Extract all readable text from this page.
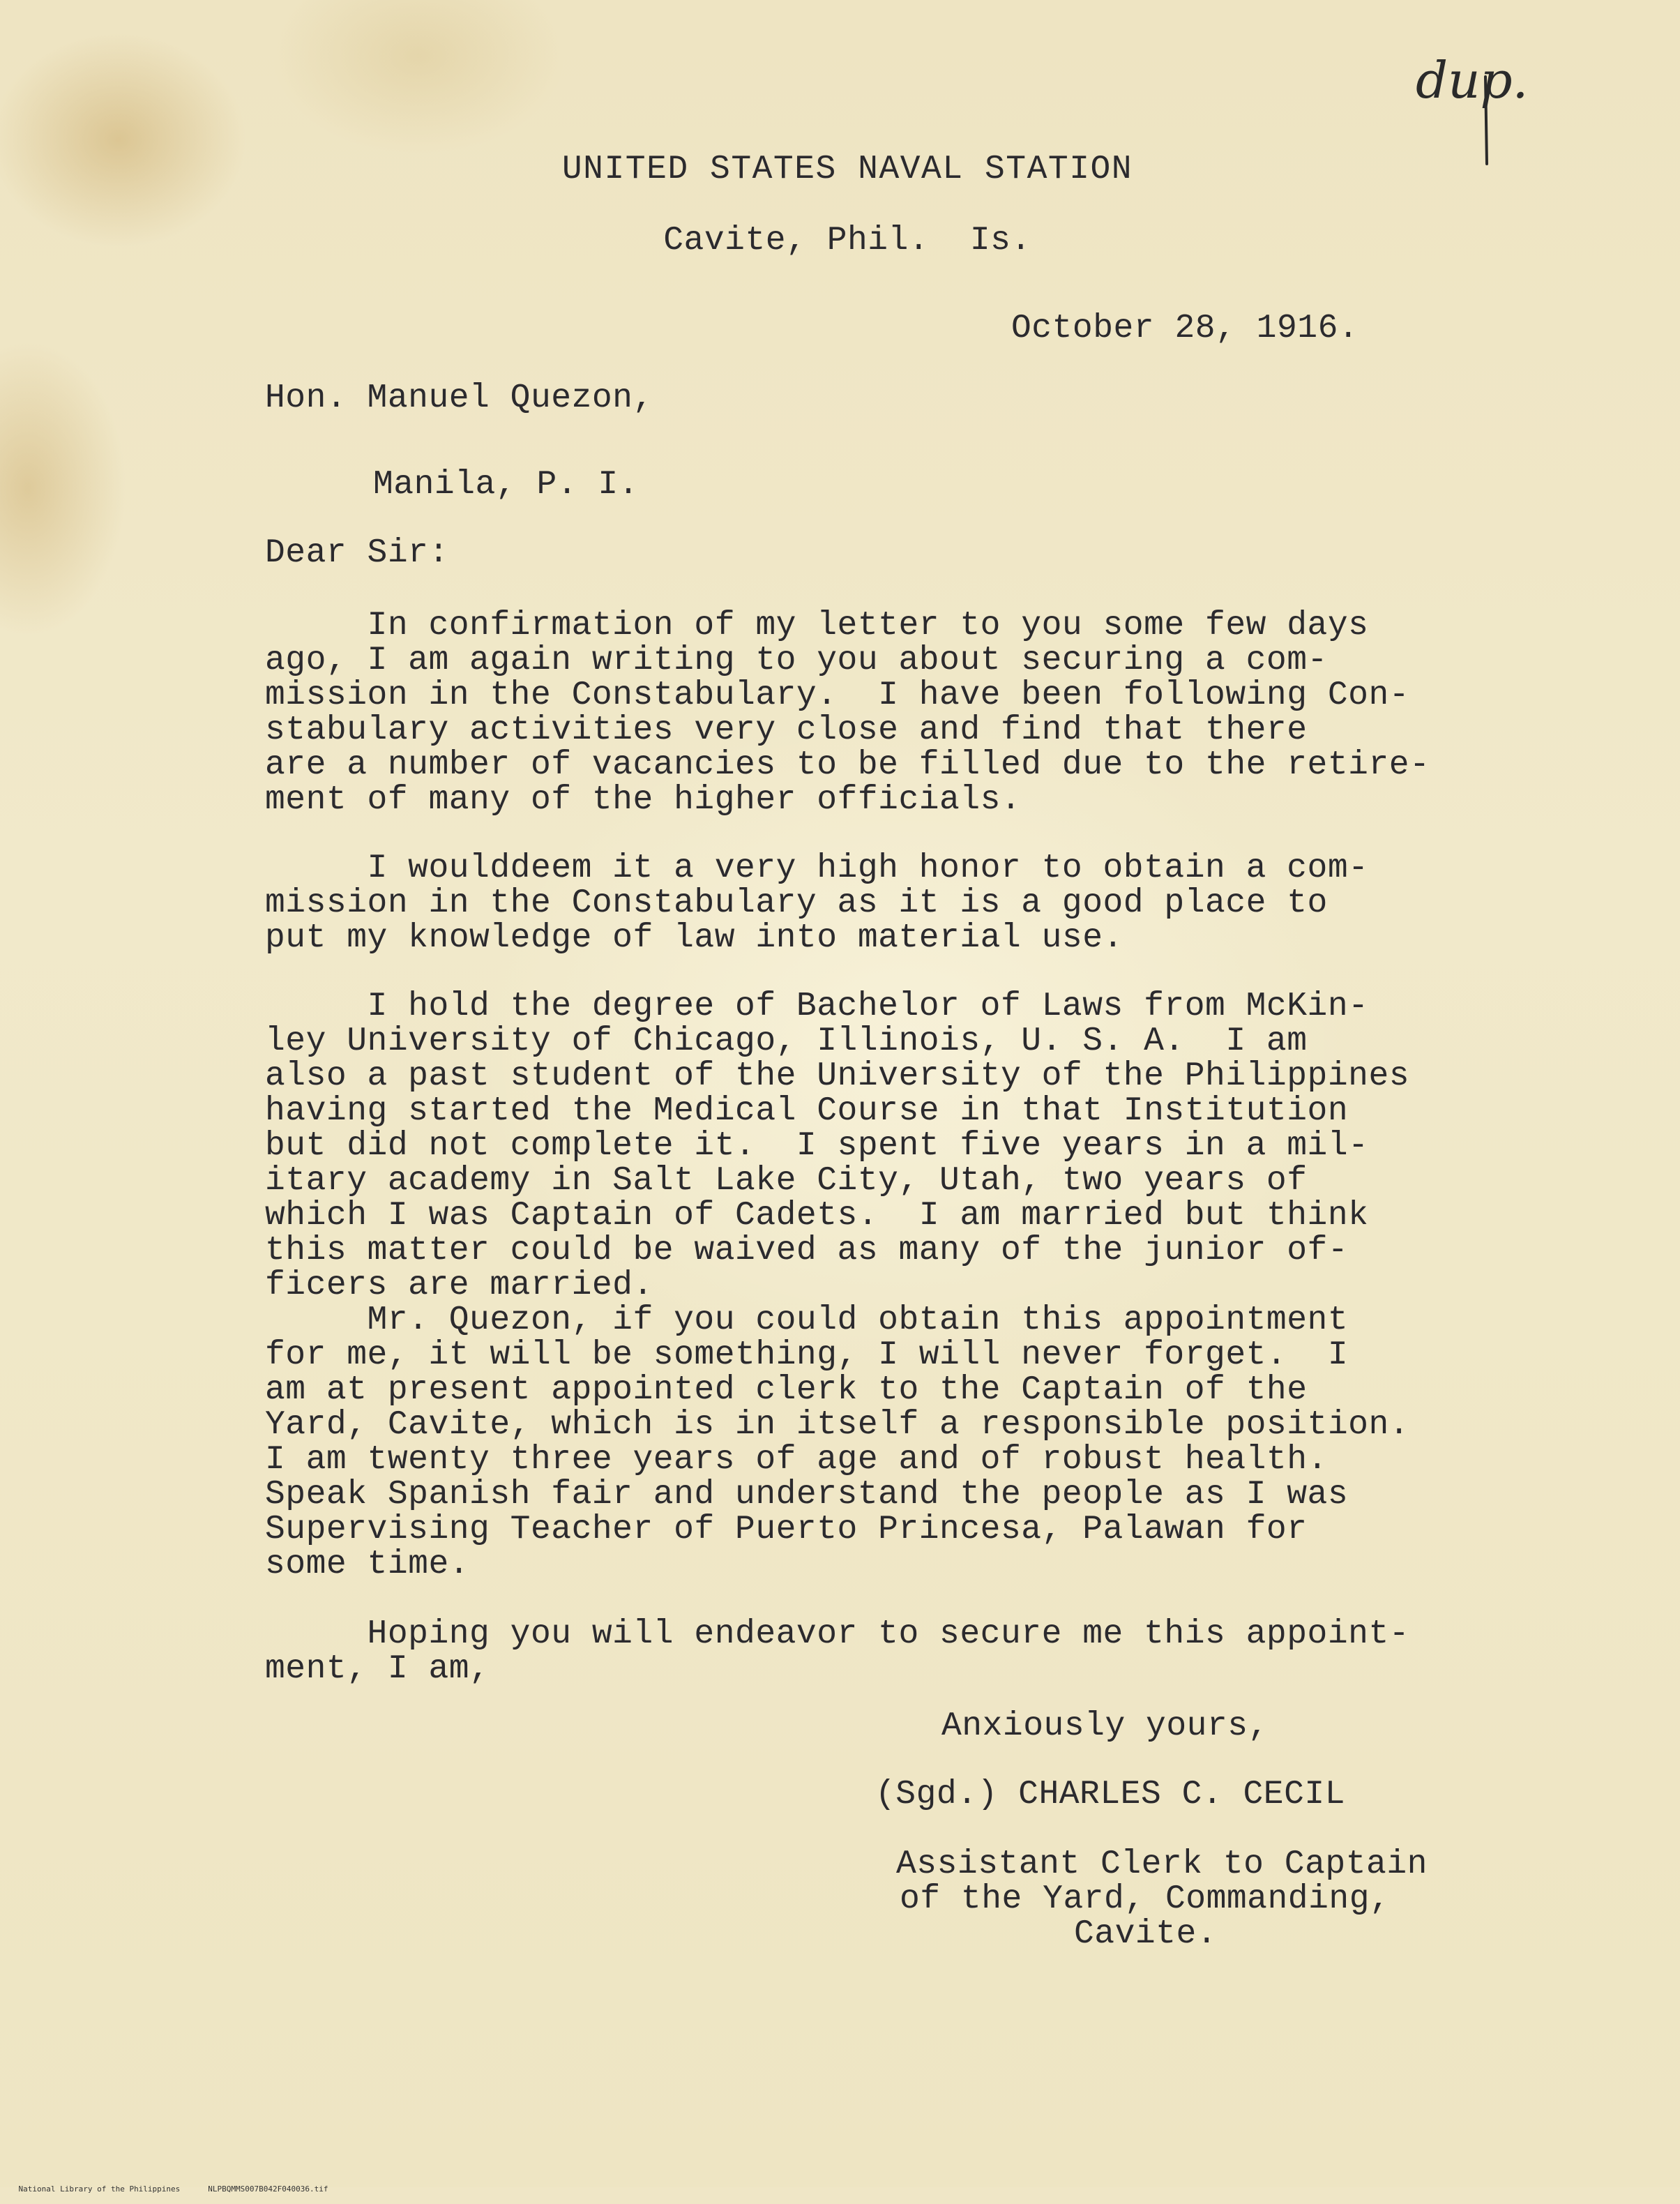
dup.

UNITED STATES NAVAL STATION

Cavite, Phil.  Is.

October 28, 1916.

Hon. Manuel Quezon,

Manila, P. I.

Dear Sir:

In confirmation of my letter to you some few days

ago, I am again writing to you about securing a com-

mission in the Constabulary.  I have been following Con-

stabulary activities very close and find that there

are a number of vacancies to be filled due to the retire-

ment of many of the higher officials.

I woulddeem it a very high honor to obtain a com-

mission in the Constabulary as it is a good place to

put my knowledge of law into material use.

I hold the degree of Bachelor of Laws from McKin-

ley University of Chicago, Illinois, U. S. A.  I am

also a past student of the University of the Philippines

having started the Medical Course in that Institution

but did not complete it.  I spent five years in a mil-

itary academy in Salt Lake City, Utah, two years of

which I was Captain of Cadets.  I am married but think

this matter could be waived as many of the junior of-

ficers are married.

Mr. Quezon, if you could obtain this appointment

for me, it will be something, I will never forget.  I

am at present appointed clerk to the Captain of the

Yard, Cavite, which is in itself a responsible position.

I am twenty three years of age and of robust health.

Speak Spanish fair and understand the people as I was

Supervising Teacher of Puerto Princesa, Palawan for

some time.

Hoping you will endeavor to secure me this appoint-

ment, I am,

Anxiously yours,

(Sgd.) CHARLES C. CECIL

Assistant Clerk to Captain

of the Yard, Commanding,

Cavite.

National Library of the Philippines	NLPBQMMS007B042F040036.tif
